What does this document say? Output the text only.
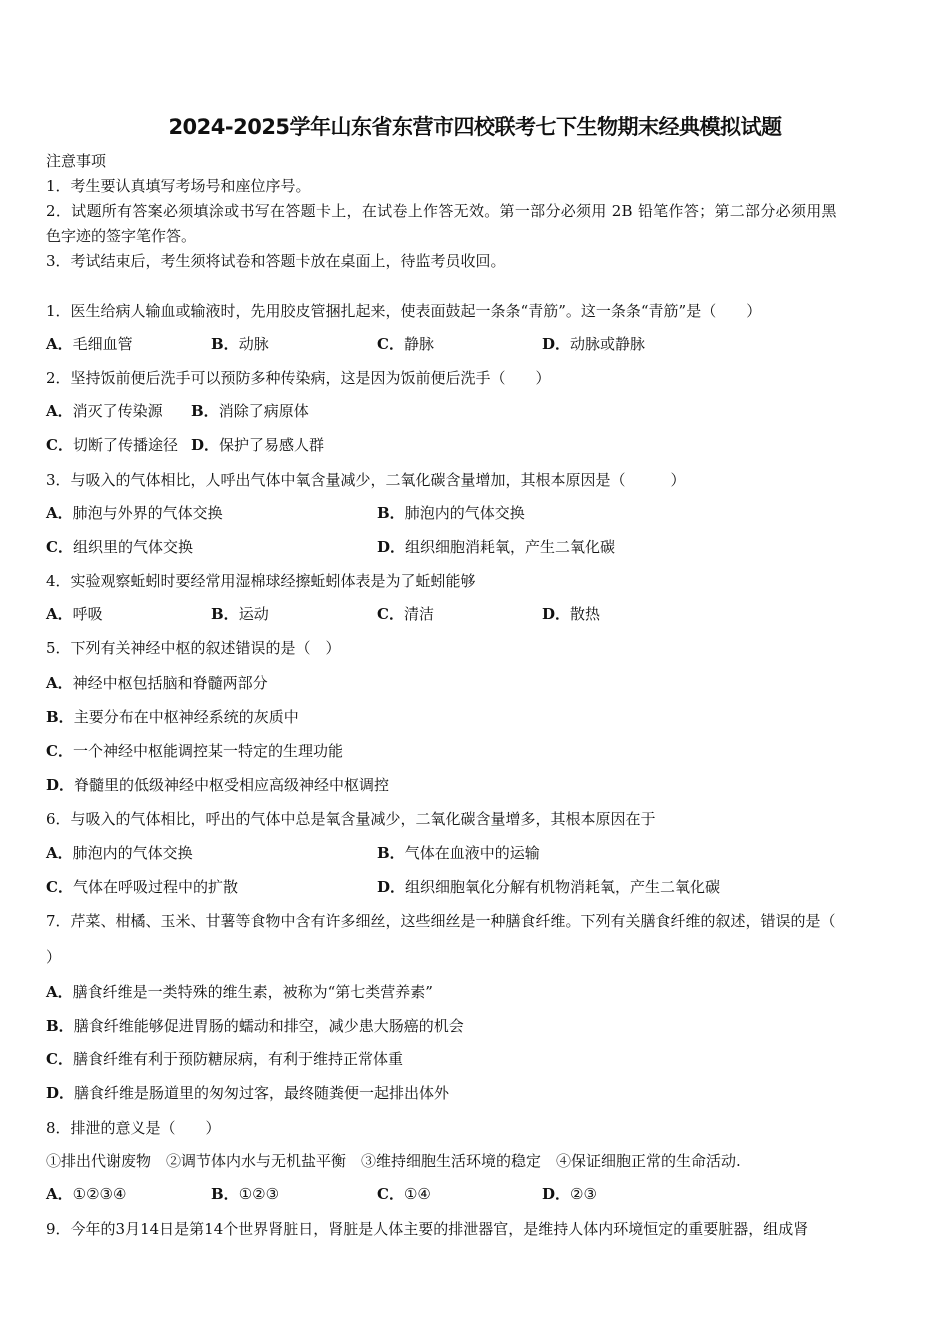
2024-2025学年山东省东营市四校联考七下生物期末经典模拟试题
注意事项
1．考生要认真填写考场号和座位序号。
2．试题所有答案必须填涂或书写在答题卡上，在试卷上作答无效。第一部分必须用 2B 铅笔作答；第二部分必须用黑
色字迹的签字笔作答。
3．考试结束后，考生须将试卷和答题卡放在桌面上，待监考员收回。
1．医生给病人输血或输液时，先用胶皮管捆扎起来，使表面鼓起一条条“青筋”。这一条条“青筋”是（　　）
A．毛细血管	B．动脉	C．静脉	D．动脉或静脉
2．坚持饭前便后洗手可以预防多种传染病，这是因为饭前便后洗手（　　）
A．消灭了传染源　 B．消除了病原体
C．切断了传播途径　
D．保护了易感人群
3．与吸入的气体相比，人呼出气体中氧含量减少，二氧化碳含量增加，其根本原因是（　　　）
A．肺泡与外界的气体交换	B．肺泡内的气体交换
C．组织里的气体交换	D．组织细胞消耗氧，产生二氧化碳
4．实验观察蚯蚓时要经常用湿棉球经擦蚯蚓体表是为了蚯蚓能够
A．呼吸	B．运动	C．清洁	D．散热
5．下列有关神经中枢的叙述错误的是（　）
A．神经中枢包括脑和脊髓两部分
B．主要分布在中枢神经系统的灰质中
C．一个神经中枢能调控某一特定的生理功能
D．脊髓里的低级神经中枢受相应高级神经中枢调控
6．与吸入的气体相比，呼出的气体中总是氧含量减少，二氧化碳含量增多，其根本原因在于
A．肺泡内的气体交换	B．气体在血液中的运输
C．气体在呼吸过程中的扩散	D．组织细胞氧化分解有机物消耗氧，产生二氧化碳
7．芹菜、柑橘、玉米、甘薯等食物中含有许多细丝，这些细丝是一种膳食纤维。下列有关膳食纤维的叙述，错误的是（
）
A．膳食纤维是一类特殊的维生素，被称为“第七类营养素”
B．膳食纤维能够促进胃肠的蠕动和排空，减少患大肠癌的机会
C．膳食纤维有利于预防糖尿病，有利于维持正常体重
D．膳食纤维是肠道里的匆匆过客，最终随粪便一起排出体外
8．排泄的意义是（　　）
①排出代谢废物　②调节体内水与无机盐平衡　③维持细胞生活环境的稳定　④保证细胞正常的生命活动.
A．①②③④	B．①②③	C．①④	D．②③
9．今年的3月14日是第14个世界肾脏日，肾脏是人体主要的排泄器官，是维持人体内环境恒定的重要脏器，组成肾
